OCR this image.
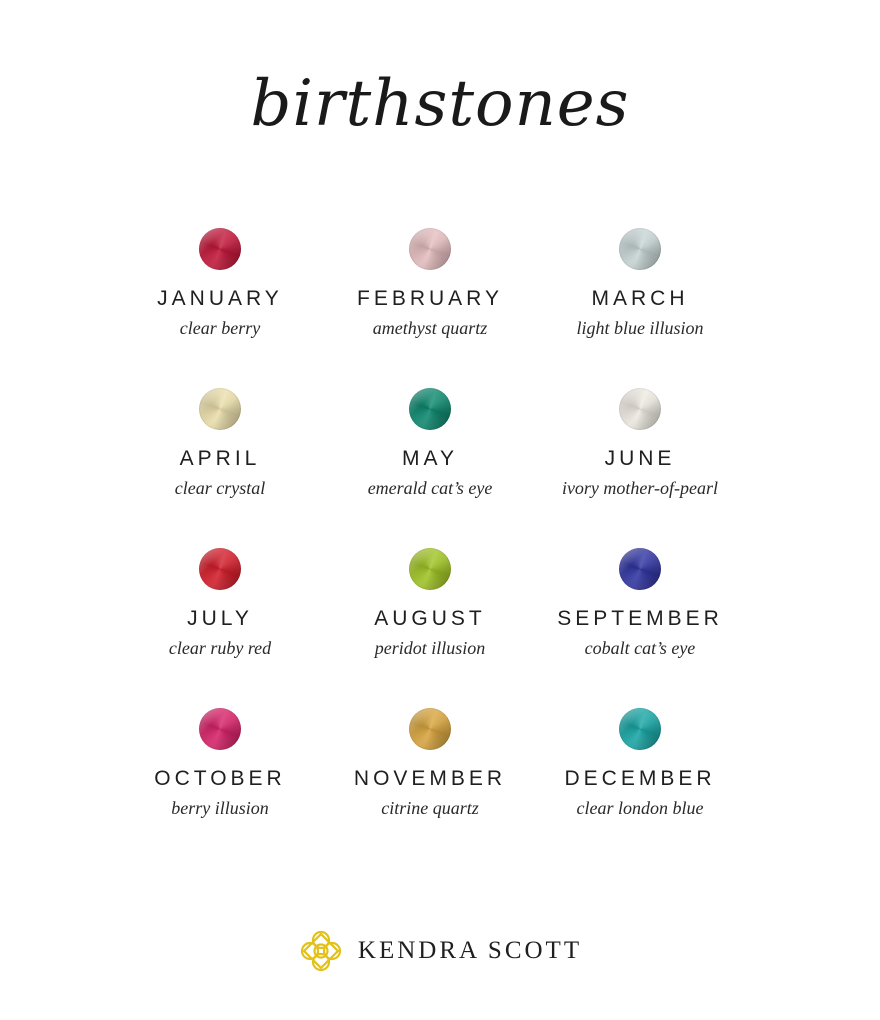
birthstones
JANUARY
clear berry
FEBRUARY
amethyst quartz
MARCH
light blue illusion
APRIL
clear crystal
MAY
emerald cat’s eye
JUNE
ivory mother-of-pearl
JULY
clear ruby red
AUGUST
peridot illusion
SEPTEMBER
cobalt cat’s eye
OCTOBER
berry illusion
NOVEMBER
citrine quartz
DECEMBER
clear london blue
KENDRA SCOTT
